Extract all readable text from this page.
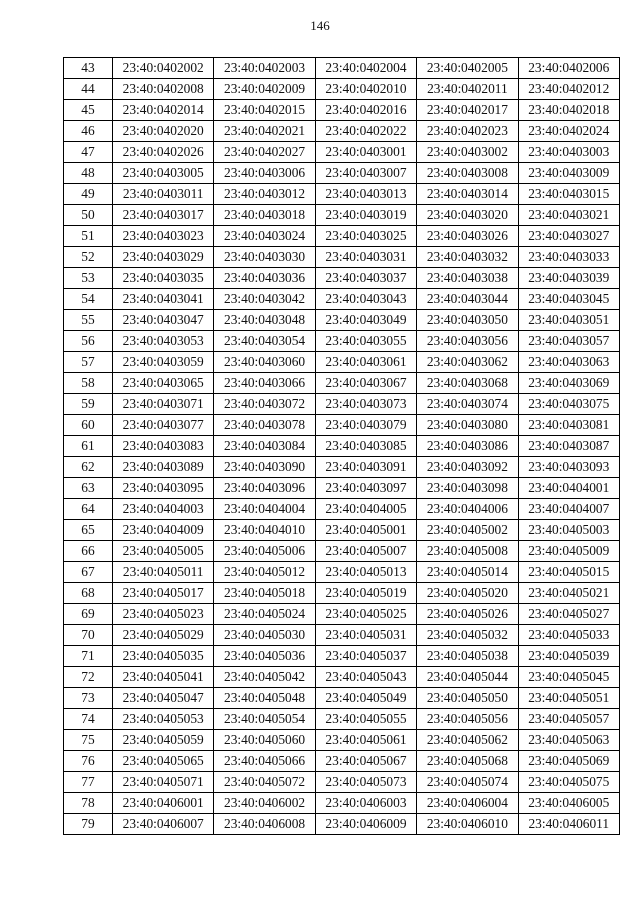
146
43	23:40:0402002	23:40:0402003	23:40:0402004	23:40:0402005	23:40:0402006
44	23:40:0402008	23:40:0402009	23:40:0402010	23:40:0402011	23:40:0402012
45	23:40:0402014	23:40:0402015	23:40:0402016	23:40:0402017	23:40:0402018
46	23:40:0402020	23:40:0402021	23:40:0402022	23:40:0402023	23:40:0402024
47	23:40:0402026	23:40:0402027	23:40:0403001	23:40:0403002	23:40:0403003
48	23:40:0403005	23:40:0403006	23:40:0403007	23:40:0403008	23:40:0403009
49	23:40:0403011	23:40:0403012	23:40:0403013	23:40:0403014	23:40:0403015
50	23:40:0403017	23:40:0403018	23:40:0403019	23:40:0403020	23:40:0403021
51	23:40:0403023	23:40:0403024	23:40:0403025	23:40:0403026	23:40:0403027
52	23:40:0403029	23:40:0403030	23:40:0403031	23:40:0403032	23:40:0403033
53	23:40:0403035	23:40:0403036	23:40:0403037	23:40:0403038	23:40:0403039
54	23:40:0403041	23:40:0403042	23:40:0403043	23:40:0403044	23:40:0403045
55	23:40:0403047	23:40:0403048	23:40:0403049	23:40:0403050	23:40:0403051
56	23:40:0403053	23:40:0403054	23:40:0403055	23:40:0403056	23:40:0403057
57	23:40:0403059	23:40:0403060	23:40:0403061	23:40:0403062	23:40:0403063
58	23:40:0403065	23:40:0403066	23:40:0403067	23:40:0403068	23:40:0403069
59	23:40:0403071	23:40:0403072	23:40:0403073	23:40:0403074	23:40:0403075
60	23:40:0403077	23:40:0403078	23:40:0403079	23:40:0403080	23:40:0403081
61	23:40:0403083	23:40:0403084	23:40:0403085	23:40:0403086	23:40:0403087
62	23:40:0403089	23:40:0403090	23:40:0403091	23:40:0403092	23:40:0403093
63	23:40:0403095	23:40:0403096	23:40:0403097	23:40:0403098	23:40:0404001
64	23:40:0404003	23:40:0404004	23:40:0404005	23:40:0404006	23:40:0404007
65	23:40:0404009	23:40:0404010	23:40:0405001	23:40:0405002	23:40:0405003
66	23:40:0405005	23:40:0405006	23:40:0405007	23:40:0405008	23:40:0405009
67	23:40:0405011	23:40:0405012	23:40:0405013	23:40:0405014	23:40:0405015
68	23:40:0405017	23:40:0405018	23:40:0405019	23:40:0405020	23:40:0405021
69	23:40:0405023	23:40:0405024	23:40:0405025	23:40:0405026	23:40:0405027
70	23:40:0405029	23:40:0405030	23:40:0405031	23:40:0405032	23:40:0405033
71	23:40:0405035	23:40:0405036	23:40:0405037	23:40:0405038	23:40:0405039
72	23:40:0405041	23:40:0405042	23:40:0405043	23:40:0405044	23:40:0405045
73	23:40:0405047	23:40:0405048	23:40:0405049	23:40:0405050	23:40:0405051
74	23:40:0405053	23:40:0405054	23:40:0405055	23:40:0405056	23:40:0405057
75	23:40:0405059	23:40:0405060	23:40:0405061	23:40:0405062	23:40:0405063
76	23:40:0405065	23:40:0405066	23:40:0405067	23:40:0405068	23:40:0405069
77	23:40:0405071	23:40:0405072	23:40:0405073	23:40:0405074	23:40:0405075
78	23:40:0406001	23:40:0406002	23:40:0406003	23:40:0406004	23:40:0406005
79	23:40:0406007	23:40:0406008	23:40:0406009	23:40:0406010	23:40:0406011
